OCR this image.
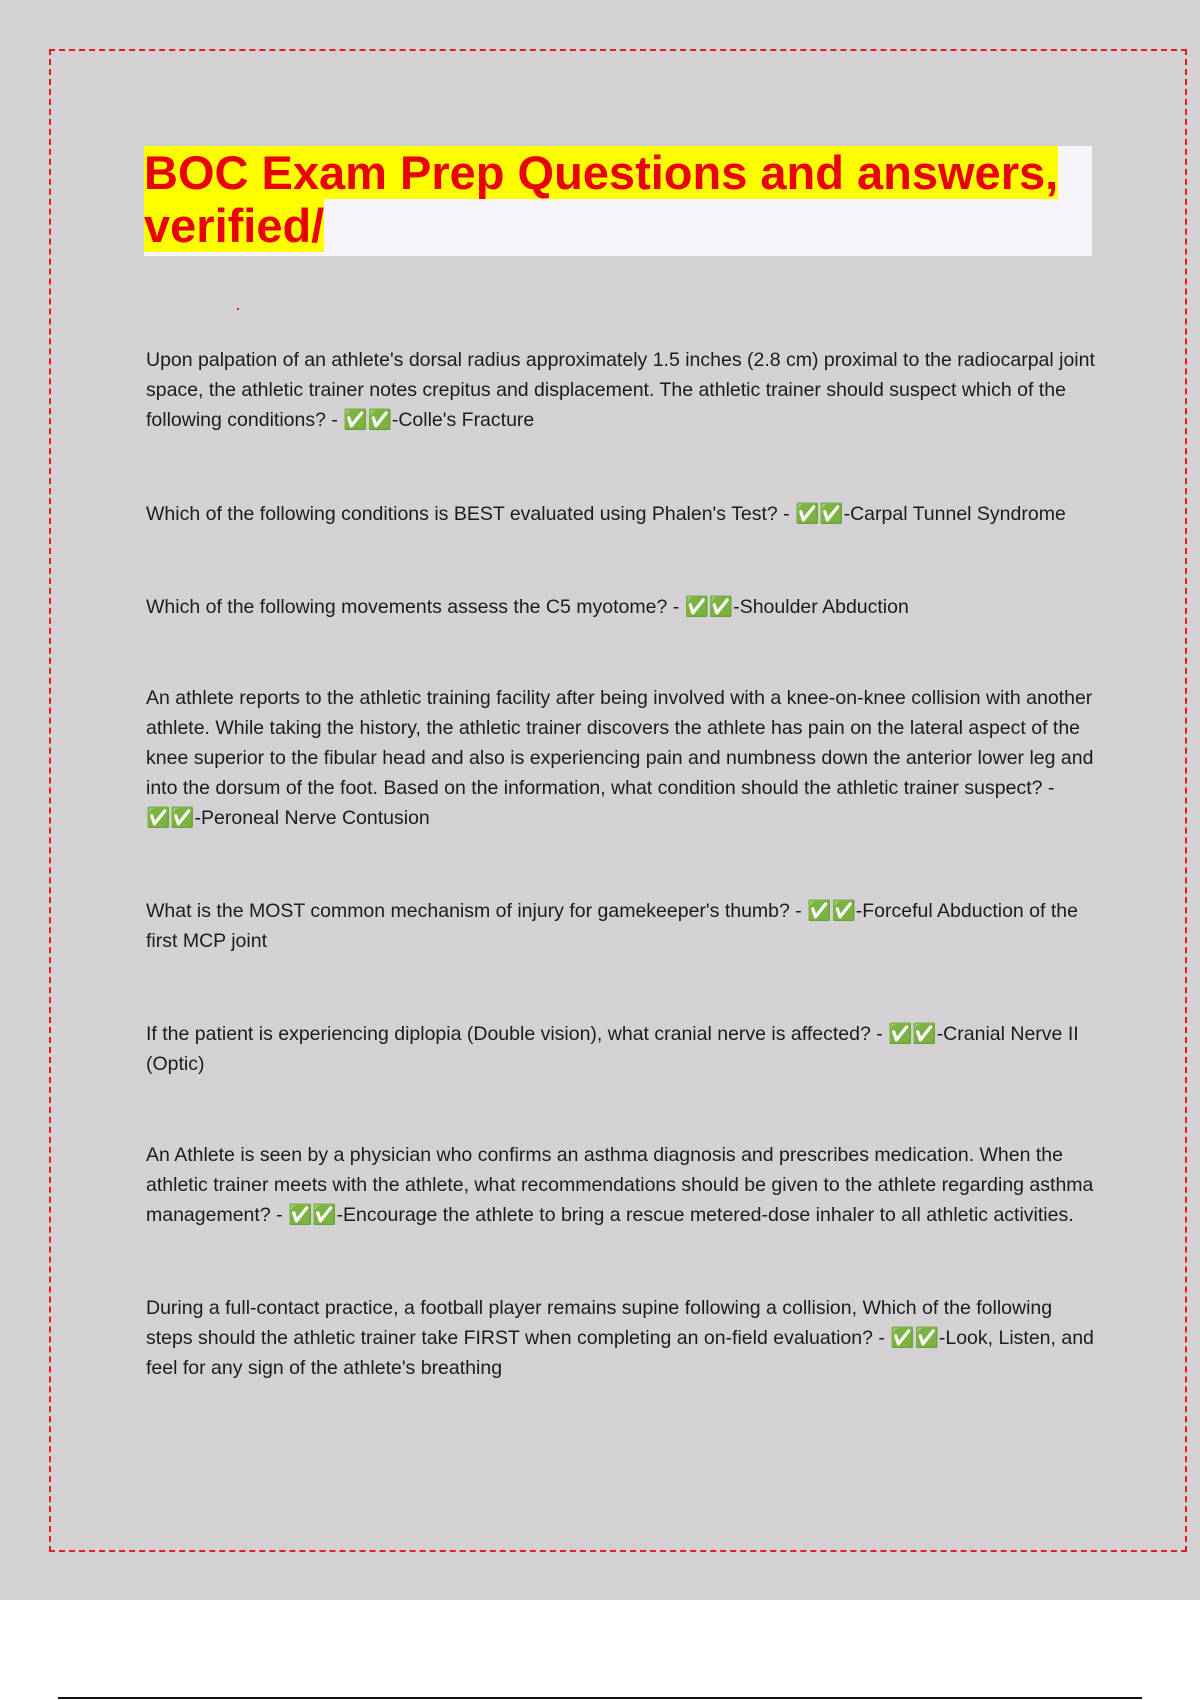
BOC Exam Prep Questions and answers, verified/

Upon palpation of an athlete's dorsal radius approximately 1.5 inches (2.8 cm) proximal to the radiocarpal joint space, the athletic trainer notes crepitus and displacement. The athletic trainer should suspect which of the following conditions? - ✅✅-Colle's Fracture

Which of the following conditions is BEST evaluated using Phalen's Test? - ✅✅-Carpal Tunnel Syndrome

Which of the following movements assess the C5 myotome? - ✅✅-Shoulder Abduction

An athlete reports to the athletic training facility after being involved with a knee-on-knee collision with another athlete. While taking the history, the athletic trainer discovers the athlete has pain on the lateral aspect of the knee superior to the fibular head and also is experiencing pain and numbness down the anterior lower leg and into the dorsum of the foot. Based on the information, what condition should the athletic trainer suspect? - ✅✅-Peroneal Nerve Contusion

What is the MOST common mechanism of injury for gamekeeper's thumb? - ✅✅-Forceful Abduction of the first MCP joint

If the patient is experiencing diplopia (Double vision), what cranial nerve is affected? - ✅✅-Cranial Nerve II (Optic)

An Athlete is seen by a physician who confirms an asthma diagnosis and prescribes medication. When the athletic trainer meets with the athlete, what recommendations should be given to the athlete regarding asthma management? - ✅✅-Encourage the athlete to bring a rescue metered-dose inhaler to all athletic activities.

During a full-contact practice, a football player remains supine following a collision, Which of the following steps should the athletic trainer take FIRST when completing an on-field evaluation? - ✅✅-Look, Listen, and feel for any sign of the athlete's breathing
